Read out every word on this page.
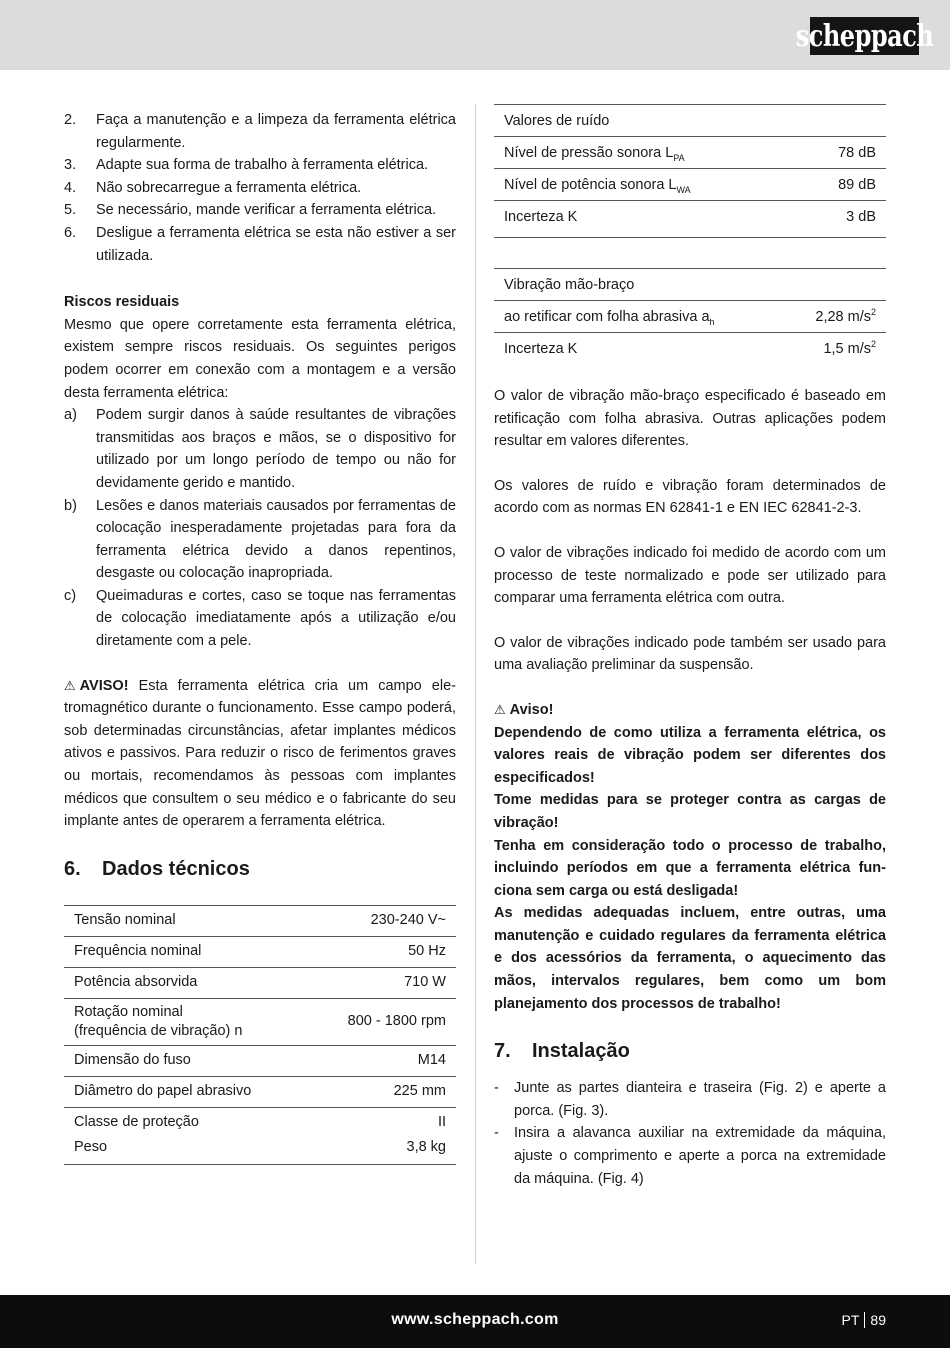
scheppach
2.	Faça a manutenção e a limpeza da ferramenta elétrica regularmente.
3.	Adapte sua forma de trabalho à ferramenta elétrica.
4.	Não sobrecarregue a ferramenta elétrica.
5.	Se necessário, mande verificar a ferramenta elétrica.
6.	Desligue a ferramenta elétrica se esta não estiver a ser utilizada.
Riscos residuais

Mesmo que opere corretamente esta ferramenta elétrica, existem sempre riscos residuais. Os seguintes perigos podem ocorrer em conexão com a montagem e a versão desta ferramenta elétrica:

a)	Podem surgir danos à saúde resultantes de vibrações transmitidas aos braços e mãos, se o dispositivo for utilizado por um longo período de tempo ou não for devidamente gerido e mantido.
b)	Lesões e danos materiais causados por ferramentas de colocação inesperadamente projetadas para fora da ferramenta elétrica devido a danos repentinos, desgaste ou colocação inapropriada.
c)	Queimaduras e cortes, caso se toque nas ferramentas de colocação imediatamente após a utilização e/ou diretamente com a pele.

⚠ AVISO! Esta ferramenta elétrica cria um campo eletromagnético durante o funcionamento. Esse campo poderá, sob determinadas circunstâncias, afetar implantes médicos ativos e passivos. Para reduzir o risco de ferimentos graves ou mortais, recomendamos às pessoas com implantes médicos que consultem o seu médico e o fabricante do seu implante antes de operarem a ferramenta elétrica.

6.	Dados técnicos
Tensão nominal	230-240 V~
Frequência nominal	50 Hz
Potência absorvida	710 W
Rotação nominal
(frequência de vibração) n	800 - 1800 rpm
Dimensão do fuso	M14
Diâmetro do papel abrasivo	225 mm
Classe de proteção	II
Peso	3,8 kg
Valores de ruído	
Nível de pressão sonora $L_{PA}$	78 dB
Nível de potência sonora $L_{WA}$	89 dB
Incerteza K	3 dB
Vibração mão-braço	
ao retificar com folha abrasiva $a_h$	2,28 $m/s^2$
Incerteza K	1,5 $m/s^2$

O valor de vibração mão-braço especificado é baseado em retificação com folha abrasiva. Outras aplicações podem resultar em valores diferentes.

Os valores de ruído e vibração foram determinados de acordo com as normas EN 62841-1 e EN IEC 62841-2-3.

O valor de vibrações indicado foi medido de acordo com um processo de teste normalizado e pode ser utilizado para comparar uma ferramenta elétrica com outra.

O valor de vibrações indicado pode também ser usado para uma avaliação preliminar da suspensão.

⚠ Aviso!

Dependendo de como utiliza a ferramenta elétrica, os valores reais de vibração podem ser diferentes dos especificados!

Tome medidas para se proteger contra as cargas de vibração!

Tenha em consideração todo o processo de trabalho, incluindo períodos em que a ferramenta elétrica funciona sem carga ou está desligada!

As medidas adequadas incluem, entre outras, uma manutenção e cuidado regulares da ferramenta elétrica e dos acessórios da ferramenta, o aquecimento das mãos, intervalos regulares, bem como um bom planejamento dos processos de trabalho!

7.	Instalação
-	Junte as partes dianteira e traseira (Fig. 2) e aperte a porca. (Fig. 3).
-	Insira a alavanca auxiliar na extremidade da máquina, ajuste o comprimento e aperte a porca na extremidade da máquina. (Fig. 4)
www.scheppach.com	PT 89
